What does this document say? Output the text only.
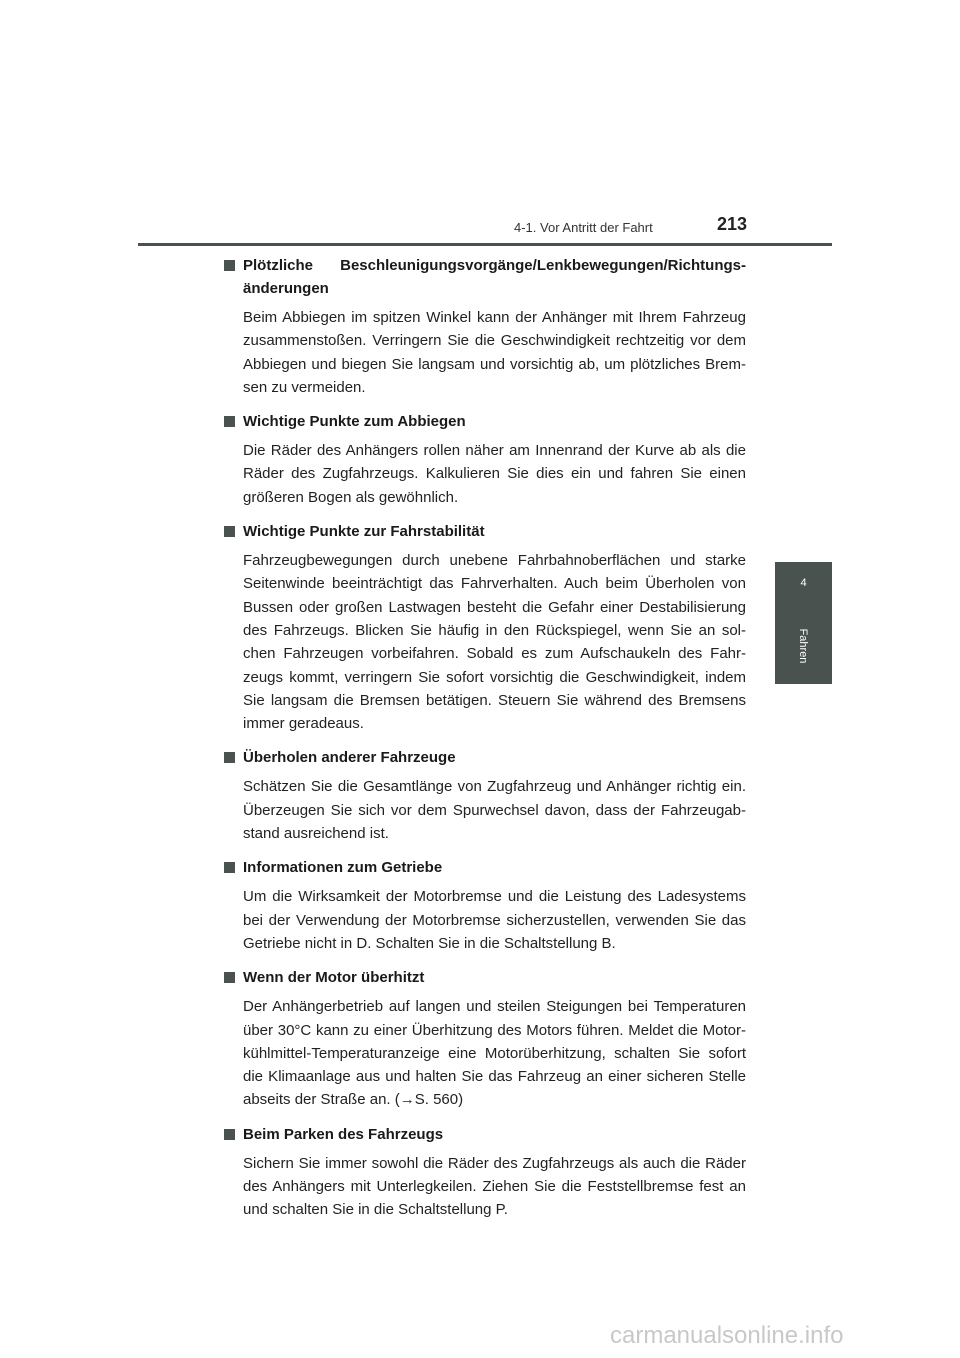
4-1. Vor Antritt der Fahrt	213
4
Fahren
Plötzliche Beschleunigungsvorgänge/Lenkbewegungen/Richtungs-änderungen
Beim Abbiegen im spitzen Winkel kann der Anhänger mit Ihrem Fahrzeug zusammenstoßen. Verringern Sie die Geschwindigkeit rechtzeitig vor dem Abbiegen und biegen Sie langsam und vorsichtig ab, um plötzliches Brem-sen zu vermeiden.
Wichtige Punkte zum Abbiegen
Die Räder des Anhängers rollen näher am Innenrand der Kurve ab als die Räder des Zugfahrzeugs. Kalkulieren Sie dies ein und fahren Sie einen größeren Bogen als gewöhnlich.
Wichtige Punkte zur Fahrstabilität
Fahrzeugbewegungen durch unebene Fahrbahnoberflächen und starke Seitenwinde beeinträchtigt das Fahrverhalten. Auch beim Überholen von Bussen oder großen Lastwagen besteht die Gefahr einer Destabilisierung des Fahrzeugs. Blicken Sie häufig in den Rückspiegel, wenn Sie an sol-chen Fahrzeugen vorbeifahren. Sobald es zum Aufschaukeln des Fahr-zeugs kommt, verringern Sie sofort vorsichtig die Geschwindigkeit, indem Sie langsam die Bremsen betätigen. Steuern Sie während des Bremsens immer geradeaus.
Überholen anderer Fahrzeuge
Schätzen Sie die Gesamtlänge von Zugfahrzeug und Anhänger richtig ein. Überzeugen Sie sich vor dem Spurwechsel davon, dass der Fahrzeugab-stand ausreichend ist.
Informationen zum Getriebe
Um die Wirksamkeit der Motorbremse und die Leistung des Ladesystems bei der Verwendung der Motorbremse sicherzustellen, verwenden Sie das Getriebe nicht in D. Schalten Sie in die Schaltstellung B.
Wenn der Motor überhitzt
Der Anhängerbetrieb auf langen und steilen Steigungen bei Temperaturen über 30°C kann zu einer Überhitzung des Motors führen. Meldet die Motor-kühlmittel-Temperaturanzeige eine Motorüberhitzung, schalten Sie sofort die Klimaanlage aus und halten Sie das Fahrzeug an einer sicheren Stelle abseits der Straße an. (→S. 560)
Beim Parken des Fahrzeugs
Sichern Sie immer sowohl die Räder des Zugfahrzeugs als auch die Räder des Anhängers mit Unterlegkeilen. Ziehen Sie die Feststellbremse fest an und schalten Sie in die Schaltstellung P.
carmanualsonline.info
